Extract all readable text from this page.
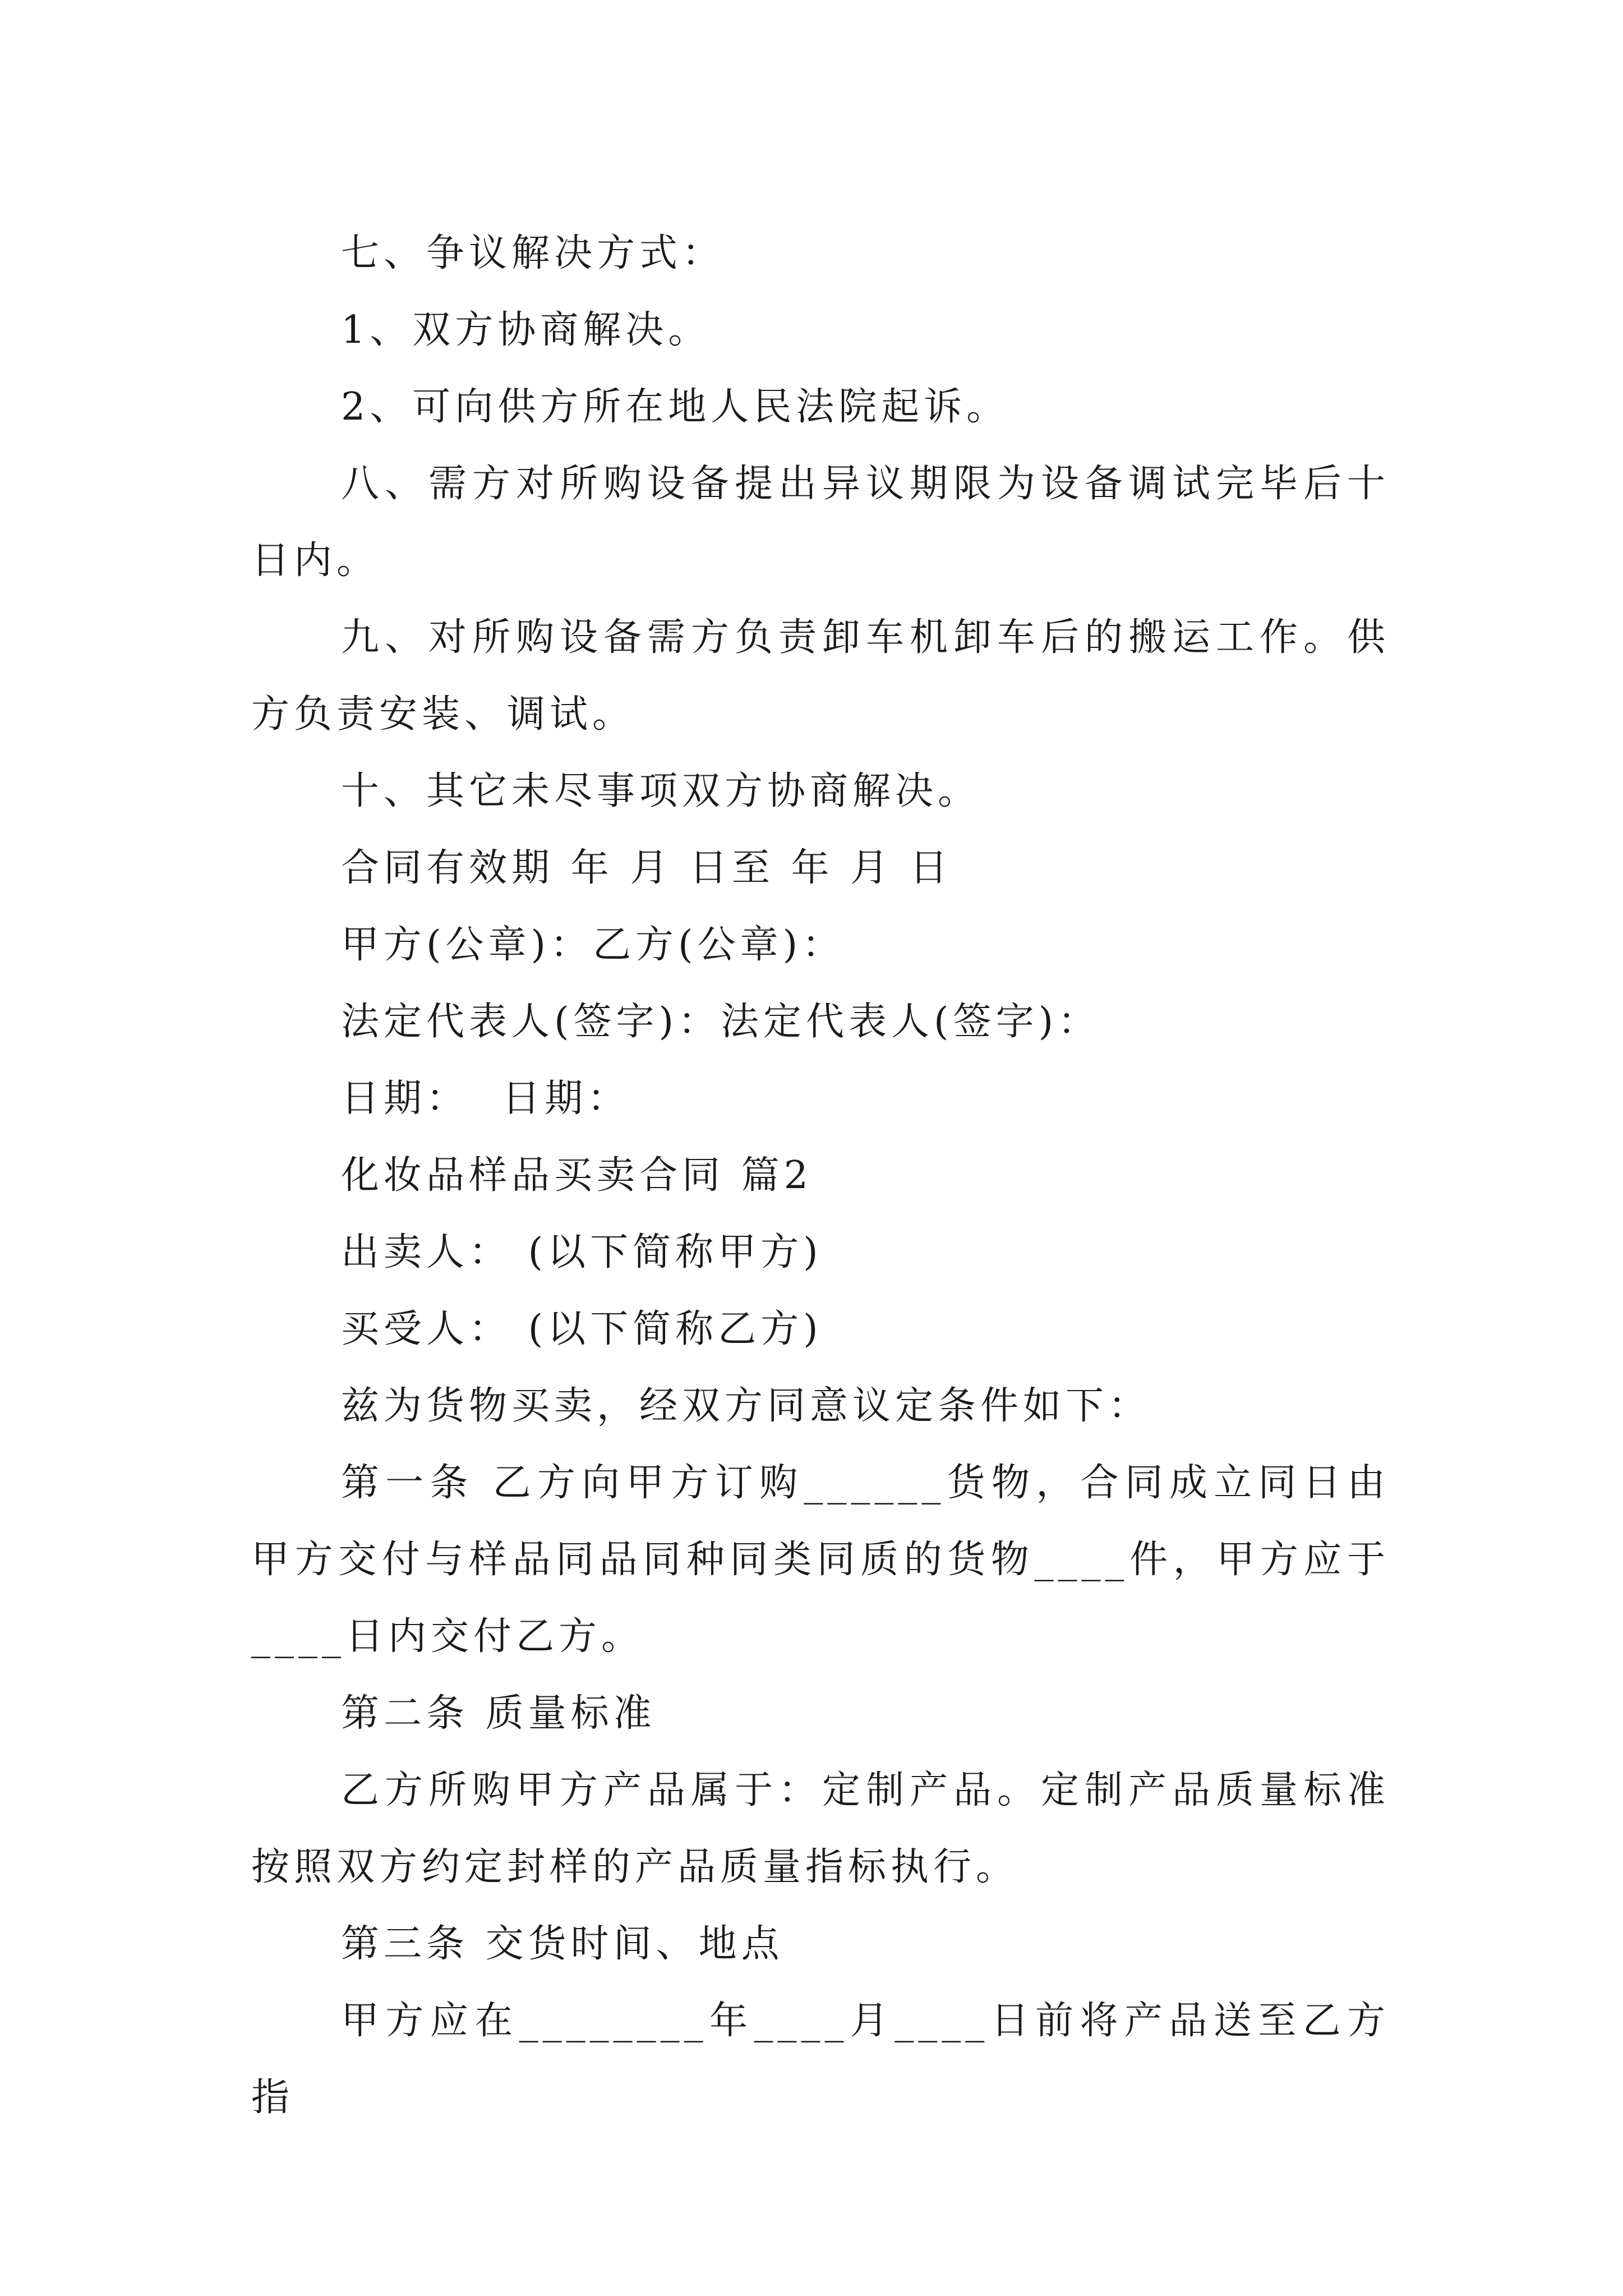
七、争议解决方式：

1、双方协商解决。

2、可向供方所在地人民法院起诉。

八、需方对所购设备提出异议期限为设备调试完毕后十日内。

九、对所购设备需方负责卸车机卸车后的搬运工作。供方负责安装、调试。

十、其它未尽事项双方协商解决。

合同有效期 年 月 日至 年 月 日

甲方(公章)：乙方(公章)：

法定代表人(签字)：法定代表人(签字)：

日期：  日期：

化妆品样品买卖合同 篇2

出卖人： (以下简称甲方)

买受人： (以下简称乙方)

兹为货物买卖，经双方同意议定条件如下：

第一条 乙方向甲方订购______货物，合同成立同日由甲方交付与样品同品同种同类同质的货物____件，甲方应于____日内交付乙方。

第二条 质量标准

乙方所购甲方产品属于：定制产品。定制产品质量标准按照双方约定封样的产品质量指标执行。

第三条 交货时间、地点

甲方应在________年____月____日前将产品送至乙方指
